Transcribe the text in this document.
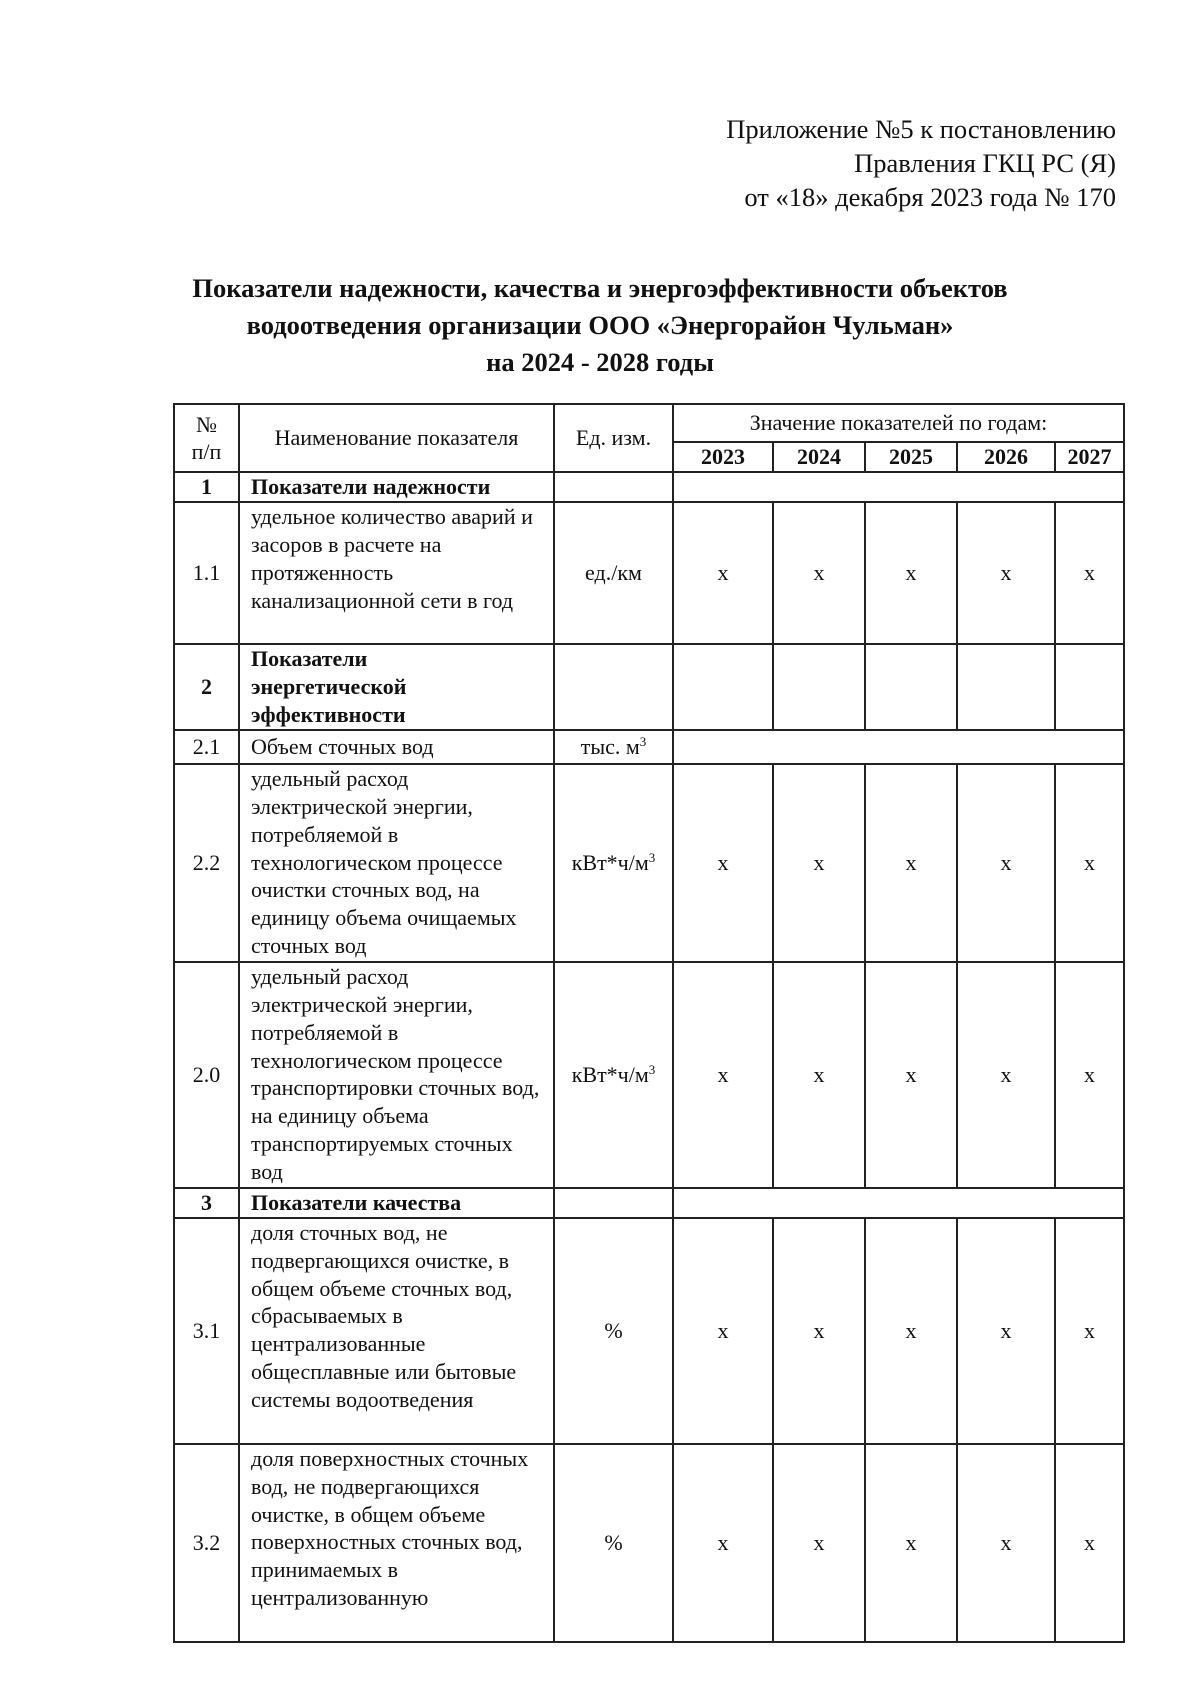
Приложение №5 к постановлению
Правления ГКЦ РС (Я)
от «18» декабря 2023 года № 170
Показатели надежности, качества и энергоэффективности объектов
водоотведения организации ООО «Энергорайон Чульман»
на 2024 - 2028 годы
№ п/п	Наименование показателя	Ед. изм.	Значение показателей по годам:				
			2023	2024	2025	2026	2027
1	Показатели надежности						
1.1	удельное количество аварий и засоров в расчете на протяженность канализационной сети в год	ед./км	х	х	х	х	х
2	Показатели энергетической эффективности						

2.1	Объем сточных вод	тыс. $м^3$	
2.2	удельный расход электрической энергии, потребляемой в технологическом процессе очистки сточных вод, на единицу объема очищаемых сточных вод	$кВт*ч/м^3$	х	х	х	х	х
2.0	удельный расход электрической энергии, потребляемой в технологическом процессе транспортировки сточных вод, на единицу объема транспортируемых сточных вод	$кВт*ч/м^3$	х	х	х	х	х
3	Показатели качества						
3.1	доля сточных вод, не подвергающихся очистке, в общем объеме сточных вод, сбрасываемых в централизованные общесплавные или бытовые системы водоотведения	%	х	х	х	х	х
3.2	доля поверхностных сточных вод, не подвергающихся очистке, в общем объеме поверхностных сточных вод, принимаемых в централизованную	%	х	х	х	х	х
